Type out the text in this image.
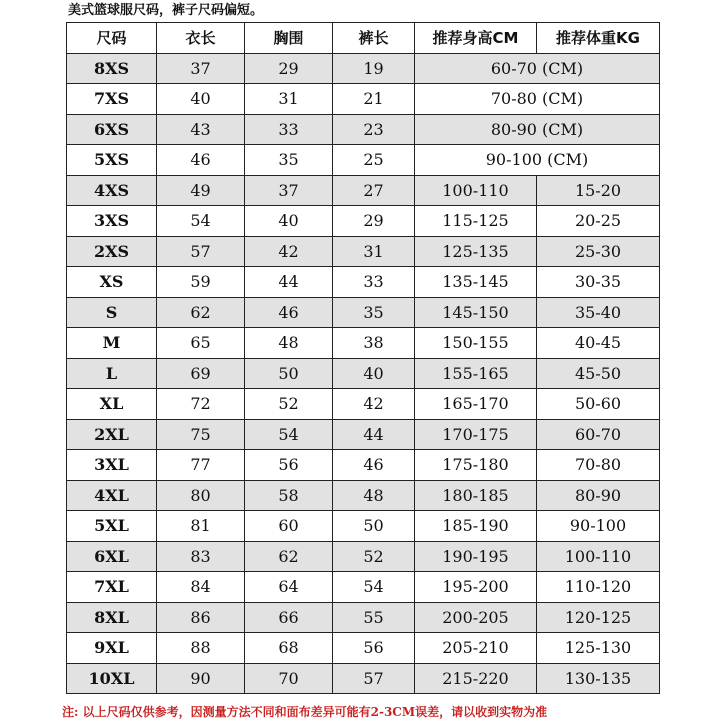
美式篮球服尺码，裤子尺码偏短。
尺码	衣长	胸围	裤长	推荐身高CM	推荐体重KG
8XS	37	29	19	60-70 (CM)	
7XS	40	31	21	70-80 (CM)	
6XS	43	33	23	80-90 (CM)	
5XS	46	35	25	90-100 (CM)	
4XS	49	37	27	100-110	15-20
3XS	54	40	29	115-125	20-25
2XS	57	42	31	125-135	25-30
XS	59	44	33	135-145	30-35
S	62	46	35	145-150	35-40
M	65	48	38	150-155	40-45
L	69	50	40	155-165	45-50
XL	72	52	42	165-170	50-60
2XL	75	54	44	170-175	60-70
3XL	77	56	46	175-180	70-80
4XL	80	58	48	180-185	80-90
5XL	81	60	50	185-190	90-100
6XL	83	62	52	190-195	100-110
7XL	84	64	54	195-200	110-120
8XL	86	66	55	200-205	120-125
9XL	88	68	56	205-210	125-130
10XL	90	70	57	215-220	130-135
注: 以上尺码仅供参考，因测量方法不同和面布差异可能有2-3CM误差，请以收到实物为准
